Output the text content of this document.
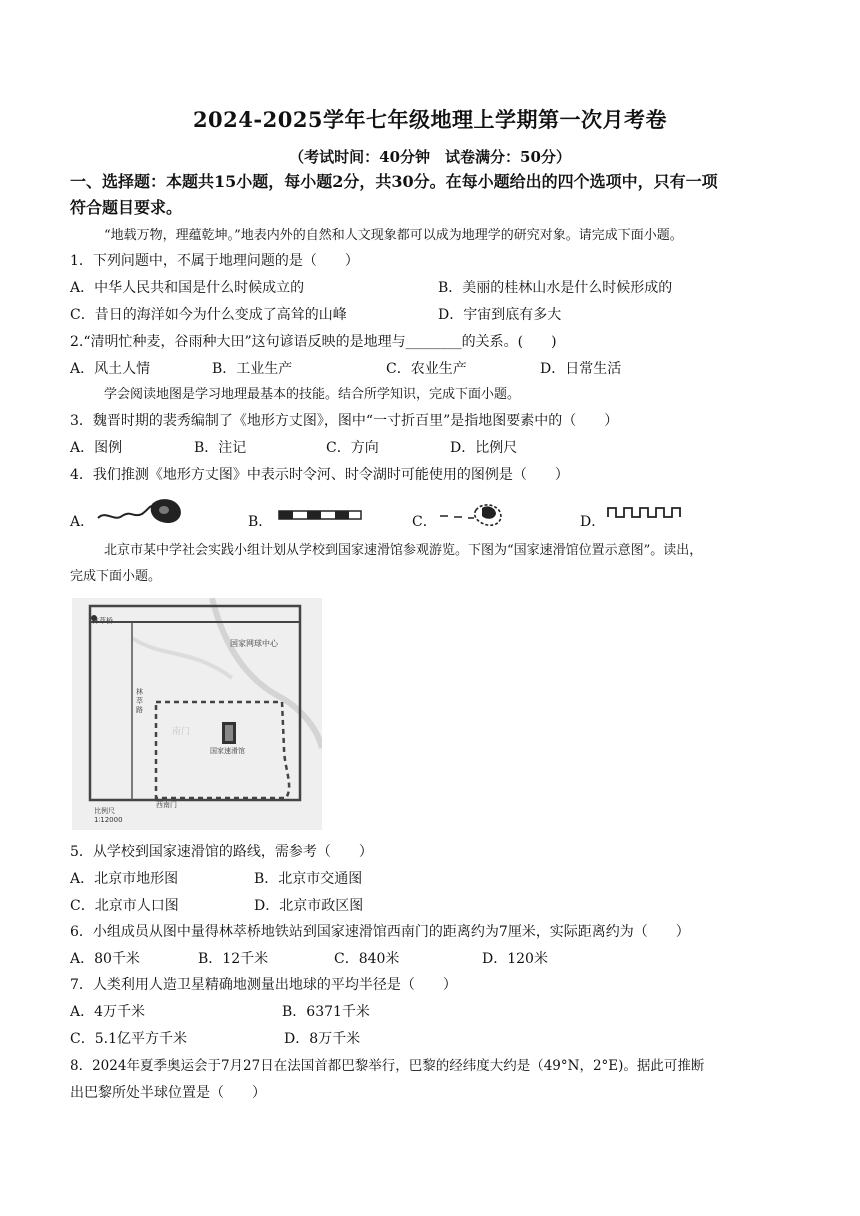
2024-2025学年七年级地理上学期第一次月考卷
（考试时间：40分钟　试卷满分：50分）
一、选择题：本题共15小题，每小题2分，共30分。在每小题给出的四个选项中，只有一项
符合题目要求。
“地载万物，理蕴乾坤。”地表内外的自然和人文现象都可以成为地理学的研究对象。请完成下面小题。
1．下列问题中，不属于地理问题的是（　　）
A．中华人民共和国是什么时候成立的	B．美丽的桂林山水是什么时候形成的
C．昔日的海洋如今为什么变成了高耸的山峰	D．宇宙到底有多大
2.“清明忙种麦，谷雨种大田”这句谚语反映的是地理与________的关系。(　　)
A．风土人情	B．工业生产	C．农业生产	D．日常生活
学会阅读地图是学习地理最基本的技能。结合所学知识，完成下面小题。
3．魏晋时期的裴秀编制了《地形方丈图》，图中“一寸折百里”是指地图要素中的（　　）
A．图例	B．注记	C．方向	D．比例尺
4．我们推测《地形方丈图》中表示时令河、时令湖时可能使用的图例是（　　）
A．	B．	C．	D．
北京市某中学社会实践小组计划从学校到国家速滑馆参观游览。下图为“国家速滑馆位置示意图”。读出，
完成下面小题。
林萃桥
国家网球中心
林萃路
国家速滑馆
西南门
比例尺
1∶12000
南门
5．从学校到国家速滑馆的路线，需参考（　　）
A．北京市地形图	B．北京市交通图
C．北京市人口图	D．北京市政区图
6．小组成员从图中量得林萃桥地铁站到国家速滑馆西南门的距离约为7厘米，实际距离约为（　　）
A．80千米	B．12千米	C．840米	D．120米
7．人类利用人造卫星精确地测量出地球的平均半径是（　　）
A．4万千米	B．6371千米
C．5.1亿平方千米	D．8万千米
8．2024年夏季奥运会于7月27日在法国首都巴黎举行，巴黎的经纬度大约是（49°N，2°E)。据此可推断
出巴黎所处半球位置是（　　）
